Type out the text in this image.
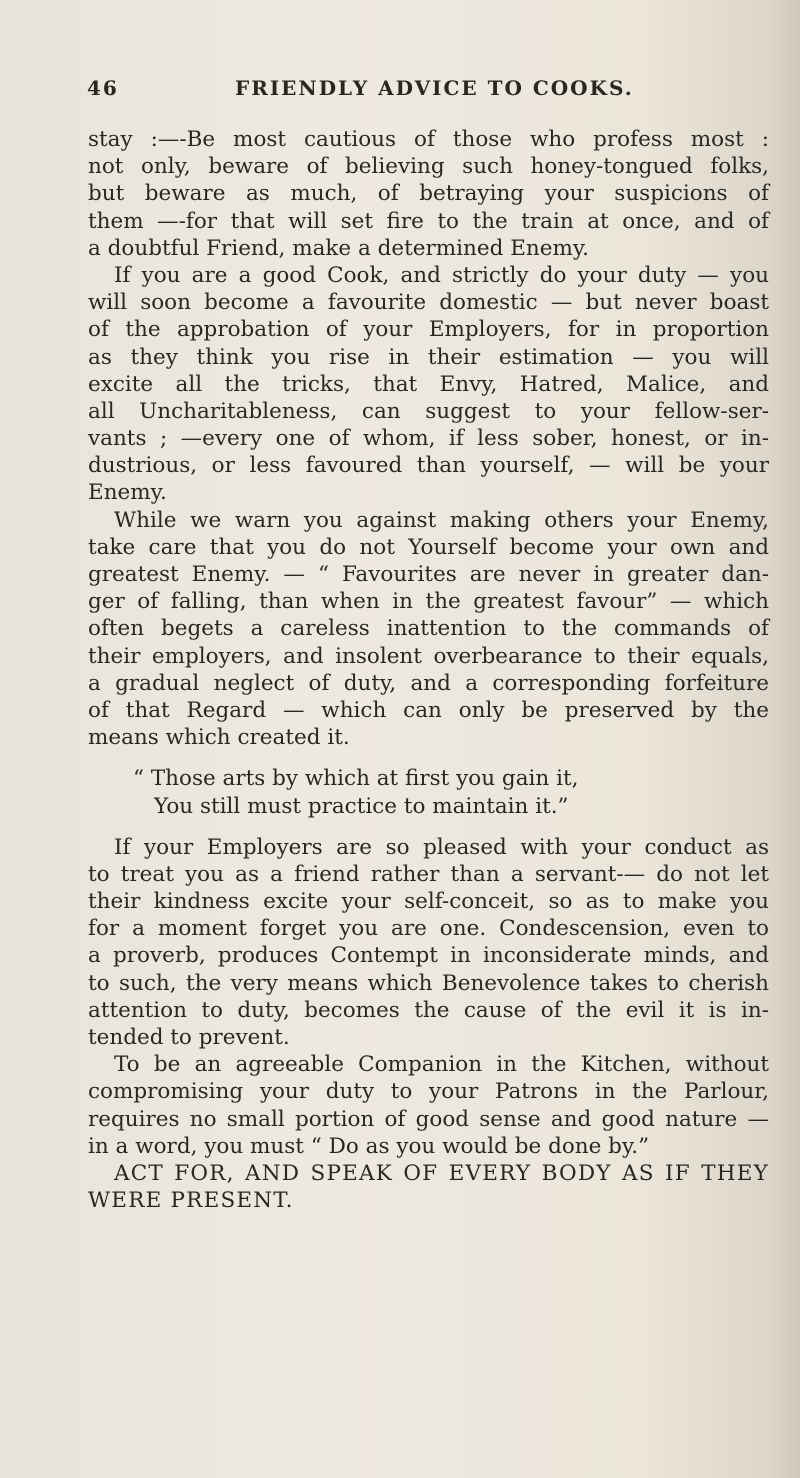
46	FRIENDLY ADVICE TO COOKS.
stay :—-Be most cautious of those who profess most :
not only, beware of believing such honey-tongued folks,
but beware as much, of betraying your suspicions of
them —-for that will set fire to the train at once, and of
a doubtful Friend, make a determined Enemy.
If you are a good Cook, and strictly do your duty — you
will soon become a favourite domestic — but never boast
of the approbation of your Employers, for in proportion
as they think you rise in their estimation — you will
excite all the tricks, that Envy, Hatred, Malice, and
all Uncharitableness, can suggest to your fellow-ser-
vants ; —every one of whom, if less sober, honest, or in-
dustrious, or less favoured than yourself, — will be your
Enemy.
While we warn you against making others your Enemy,
take care that you do not Yourself become your own and
greatest Enemy. — “ Favourites are never in greater dan-
ger of falling, than when in the greatest favour” — which
often begets a careless inattention to the commands of
their employers, and insolent overbearance to their equals,
a gradual neglect of duty, and a corresponding forfeiture
of that Regard — which can only be preserved by the
means which created it.
“ Those arts by which at first you gain it,
You still must practice to maintain it.”
If your Employers are so pleased with your conduct as
to treat you as a friend rather than a servant-— do not let
their kindness excite your self-conceit, so as to make you
for a moment forget you are one. Condescension, even to
a proverb, produces Contempt in inconsiderate minds, and
to such, the very means which Benevolence takes to cherish
attention to duty, becomes the cause of the evil it is in-
tended to prevent.
To be an agreeable Companion in the Kitchen, without
compromising your duty to your Patrons in the Parlour,
requires no small portion of good sense and good nature —
in a word, you must “ Do as you would be done by.”
ACT FOR, AND SPEAK OF EVERY BODY AS IF THEY
WERE PRESENT.
